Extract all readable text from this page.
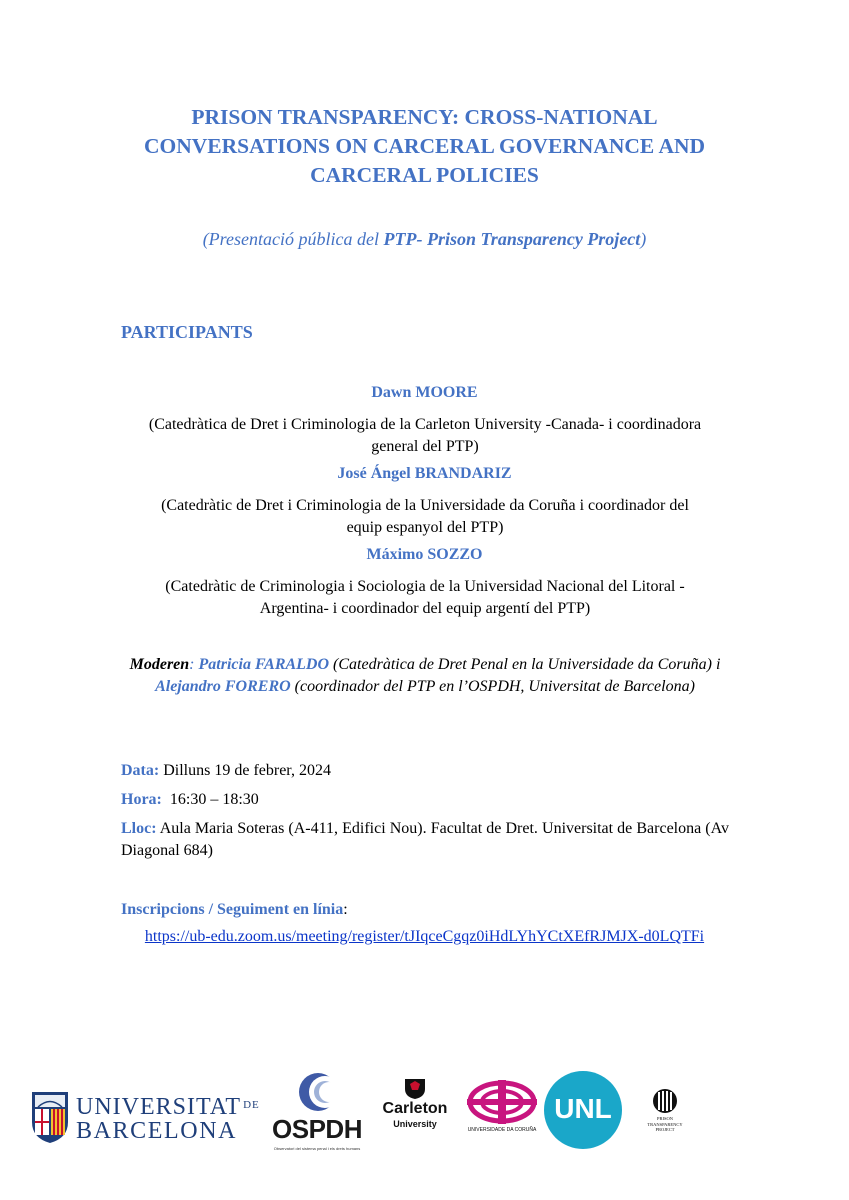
PRISON TRANSPARENCY: CROSS-NATIONAL
CONVERSATIONS ON CARCERAL GOVERNANCE AND
CARCERAL POLICIES
(Presentació pública del PTP- Prison Transparency Project)
PARTICIPANTS
Dawn MOORE
(Catedràtica de Dret i Criminologia de la Carleton University -Canada- i coordinadora
general del PTP)
José Ángel BRANDARIZ
(Catedràtic de Dret i Criminologia de la Universidade da Coruña i coordinador del
equip espanyol del PTP)
Máximo SOZZO
(Catedràtic de Criminologia i Sociologia de la Universidad Nacional del Litoral -
Argentina- i coordinador del equip argentí del PTP)
Moderen: Patricia FARALDO (Catedràtica de Dret Penal en la Universidade da Coruña) i Alejandro FORERO (coordinador del PTP en l’OSPDH, Universitat de Barcelona)
Data: Dilluns 19 de febrer, 2024
Hora:  16:30 – 18:30
Lloc: Aula Maria Soteras (A-411, Edifici Nou). Facultat de Dret. Universitat de Barcelona (Av Diagonal 684)
Inscripcions / Seguiment en línia:
https://ub-edu.zoom.us/meeting/register/tJIqceCgqz0iHdLYhYCtXEfRJMJX-d0LQTFi
UNIVERSITAT $^{DE}$
BARCELONA OSPDH
Observatori del sistema penal i els drets humans
Carleton
University
UNIVERSIDADE DA CORUÑA
UNL	PRISON
TRANSPARENCY
PROJECT
